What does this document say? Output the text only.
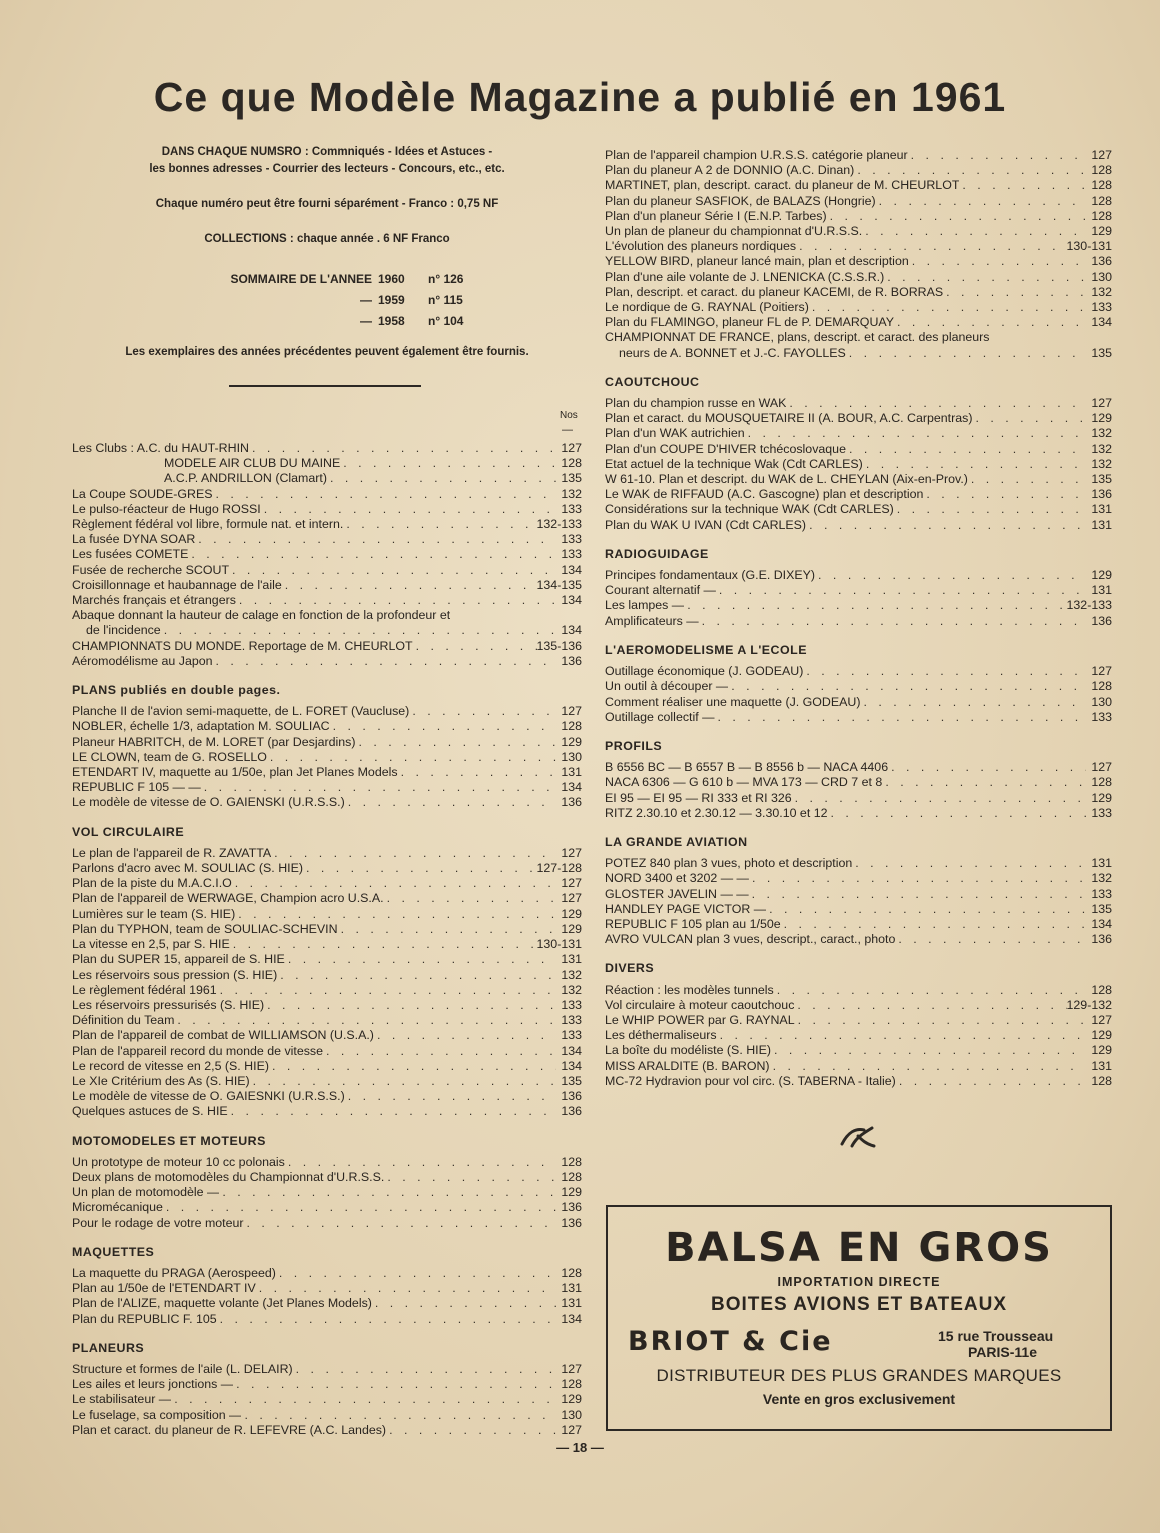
Ce que Modèle Magazine a publié en 1961
DANS CHAQUE NUMSRO : Commniqués - Idées et Astuces -
les bonnes adresses - Courrier des lecteurs - Concours, etc., etc.
Chaque numéro peut être fourni séparément - Franco : 0,75 NF
COLLECTIONS : chaque année . 6 NF Franco
SOMMAIRE DE L'ANNEE 1960	n° 126
— 1959	n° 115
— 1958	n° 104
Les exemplaires des années précédentes peuvent également être fournis.
Nos
—
Les Clubs : A.C. du HAUT-RHIN . . .	127
MODELE AIR CLUB DU MAINE . . .	128
A.C.P. ANDRILLON (Clamart) . . .	135
La Coupe SOUDE-GRES . . .	132
Le pulso-réacteur de Hugo ROSSI . . .	133
Règlement fédéral vol libre, formule nat. et intern. . . .	132-133
La fusée DYNA SOAR . . .	133
Les fusées COMETE . . .	133
Fusée de recherche SCOUT . . .	134
Croisillonnage et haubannage de l'aile . . .	134-135
Marchés français et étrangers . . .	134
Abaque donnant la hauteur de calage en fonction de la profondeur et
de l'incidence . . .	134
CHAMPIONNATS DU MONDE. Reportage de M. CHEURLOT . . .	135-136
Aéromodélisme au Japon . . .	136
PLANS publiés en double pages.
Planche II de l'avion semi-maquette, de L. FORET (Vaucluse) . . .	127
NOBLER, échelle 1/3, adaptation M. SOULIAC . . .	128
Planeur HABRITCH, de M. LORET (par Desjardins) . . .	129
LE CLOWN, team de G. ROSELLO . . .	130
ETENDART IV, maquette au 1/50e, plan Jet Planes Models . . .	131
REPUBLIC F 105 — — . . .	134
Le modèle de vitesse de O. GAIENSKI (U.R.S.S.) . . .	136
VOL CIRCULAIRE
Le plan de l'appareil de R. ZAVATTA . . .	127
Parlons d'acro avec M. SOULIAC (S. HIE) . . .	127-128
Plan de la piste du M.A.C.I.O . . .	127
Plan de l'appareil de WERWAGE, Champion acro U.S.A. . . .	127
Lumières sur le team (S. HIE) . . .	129
Plan du TYPHON, team de SOULIAC-SCHEVIN . . .	129
La vitesse en 2,5, par S. HIE . . .	130-131
Plan du SUPER 15, appareil de S. HIE . . .	131
Les réservoirs sous pression (S. HIE) . . .	132
Le règlement fédéral 1961 . . .	132
Les réservoirs pressurisés (S. HIE) . . .	133
Définition du Team . . .	133
Plan de l'appareil de combat de WILLIAMSON (U.S.A.) . . .	133
Plan de l'appareil record du monde de vitesse . . .	134
Le record de vitesse en 2,5 (S. HIE) . . .	134
Le XIe Critérium des As (S. HIE) . . .	135
Le modèle de vitesse de O. GAIESNKI (U.R.S.S.) . . .	136
Quelques astuces de S. HIE . . .	136
MOTOMODELES ET MOTEURS
Un prototype de moteur 10 cc polonais . . .	128
Deux plans de motomodèles du Championnat d'U.R.S.S. . . .	128
Un plan de motomodèle — . . .	129
Micromécanique . . .	136
Pour le rodage de votre moteur . . .	136
MAQUETTES
La maquette du PRAGA (Aerospeed) . . .	128
Plan au 1/50e de l'ETENDART IV . . .	131
Plan de l'ALIZE, maquette volante (Jet Planes Models) . . .	131
Plan du REPUBLIC F. 105 . . .	134
PLANEURS
Structure et formes de l'aile (L. DELAIR) . . .	127
Les ailes et leurs jonctions — . . .	128
Le stabilisateur — . . .	129
Le fuselage, sa composition — . . .	130
Plan et caract. du planeur de R. LEFEVRE (A.C. Landes) . . .	127
Plan de l'appareil champion U.R.S.S. catégorie planeur . . .	127
Plan du planeur A 2 de DONNIO (A.C. Dinan) . . .	128
MARTINET, plan, descript. caract. du planeur de M. CHEURLOT . . .	128
Plan du planeur SASFIOK, de BALAZS (Hongrie) . . .	128
Plan d'un planeur Série I (E.N.P. Tarbes) . . .	128
Un plan de planeur du championnat d'U.R.S.S. . . .	129
L'évolution des planeurs nordiques . . .	130-131
YELLOW BIRD, planeur lancé main, plan et description . . .	136
Plan d'une aile volante de J. LNENICKA (C.S.S.R.) . . .	130
Plan, descript. et caract. du planeur KACEMI, de R. BORRAS . . .	132
Le nordique de G. RAYNAL (Poitiers) . . .	133
Plan du FLAMINGO, planeur FL de P. DEMARQUAY . . .	134
CHAMPIONNAT DE FRANCE, plans, descript. et caract. des planeurs
neurs de A. BONNET et J.-C. FAYOLLES . . .	135
CAOUTCHOUC
Plan du champion russe en WAK . . .	127
Plan et caract. du MOUSQUETAIRE II (A. BOUR, A.C. Carpentras) . . .	129
Plan d'un WAK autrichien . . .	132
Plan d'un COUPE D'HIVER tchécoslovaque . . .	132
Etat actuel de la technique Wak (Cdt CARLES) . . .	132
W 61-10. Plan et descript. du WAK de L. CHEYLAN (Aix-en-Prov.) . . .	135
Le WAK de RIFFAUD (A.C. Gascogne) plan et description . . .	136
Considérations sur la technique WAK (Cdt CARLES) . . .	131
Plan du WAK U IVAN (Cdt CARLES) . . .	131
RADIOGUIDAGE
Principes fondamentaux (G.E. DIXEY) . . .	129
Courant alternatif — . . .	131
Les lampes — . . .	132-133
Amplificateurs — . . .	136
L'AEROMODELISME A L'ECOLE
Outillage économique (J. GODEAU) . . .	127
Un outil à découper — . . .	128
Comment réaliser une maquette (J. GODEAU) . . .	130
Outillage collectif — . . .	133
PROFILS
B 6556 BC — B 6557 B — B 8556 b — NACA 4406 . . .	127
NACA 6306 — G 610 b — MVA 173 — CRD 7 et 8 . . .	128
EI 95 — EI 95 — RI 333 et RI 326 . . .	129
RITZ 2.30.10 et 2.30.12 — 3.30.10 et 12 . . .	133
LA GRANDE AVIATION
POTEZ 840 plan 3 vues, photo et description . . .	131
NORD 3400 et 3202 — — . . .	132
GLOSTER JAVELIN — — . . .	133
HANDLEY PAGE VICTOR — . . .	135
REPUBLIC F 105 plan au 1/50e . . .	134
AVRO VULCAN plan 3 vues, descript., caract., photo . . .	136
DIVERS
Réaction : les modèles tunnels . . .	128
Vol circulaire à moteur caoutchouc . . .	129-132
Le WHIP POWER par G. RAYNAL . . .	127
Les déthermaliseurs . . .	129
La boîte du modéliste (S. HIE) . . .	129
MISS ARALDITE (B. BARON) . . .	131
MC-72 Hydravion pour vol circ. (S. TABERNA - Italie) . . .	128
BALSA EN GROS
IMPORTATION DIRECTE
BOITES AVIONS ET BATEAUX
BRIOT & Cie	15 rue Trousseau
PARIS-11e
DISTRIBUTEUR DES PLUS GRANDES MARQUES
Vente en gros exclusivement
— 18 —
